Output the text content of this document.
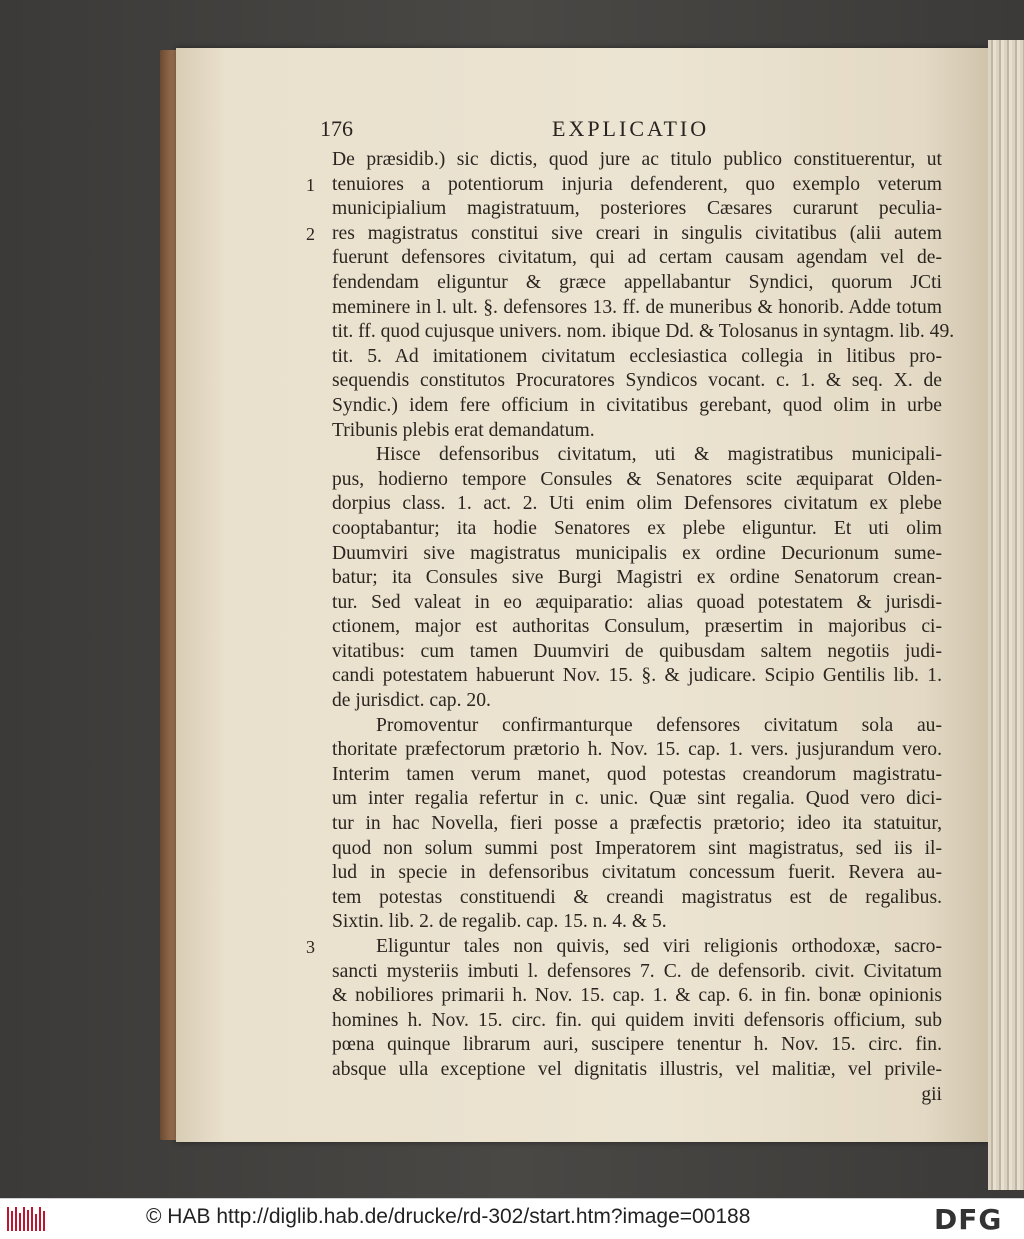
176	EXPLICATIO
1
2
3
De præsidib.) sic dictis, quod jure ac titulo publico constituerentur, ut
tenuiores a potentiorum injuria defenderent, quo exemplo veterum
municipialium magistratuum, posteriores Cæsares curarunt peculia-
res magistratus constitui sive creari in singulis civitatibus (alii autem
fuerunt defensores civitatum, qui ad certam causam agendam vel de-
fendendam eliguntur & græce appellabantur Syndici, quorum JCti
meminere in l. ult. §. defensores 13. ff. de muneribus & honorib. Adde totum
tit. ff. quod cujusque univers. nom. ibique Dd. & Tolosanus in syntagm. lib. 49.
tit. 5. Ad imitationem civitatum ecclesiastica collegia in litibus pro-
sequendis constitutos Procuratores Syndicos vocant. c. 1. & seq. X. de
Syndic.) idem fere officium in civitatibus gerebant, quod olim in urbe
Tribunis plebis erat demandatum.
Hisce defensoribus civitatum, uti & magistratibus municipali-
pus, hodierno tempore Consules & Senatores scite æquiparat Olden-
dorpius class. 1. act. 2. Uti enim olim Defensores civitatum ex plebe
cooptabantur; ita hodie Senatores ex plebe eliguntur. Et uti olim
Duumviri sive magistratus municipalis ex ordine Decurionum sume-
batur; ita Consules sive Burgi Magistri ex ordine Senatorum crean-
tur. Sed valeat in eo æquiparatio: alias quoad potestatem & jurisdi-
ctionem, major est authoritas Consulum, præsertim in majoribus ci-
vitatibus: cum tamen Duumviri de quibusdam saltem negotiis judi-
candi potestatem habuerunt Nov. 15. §. & judicare. Scipio Gentilis lib. 1.
de jurisdict. cap. 20.
Promoventur confirmanturque defensores civitatum sola au-
thoritate præfectorum prætorio h. Nov. 15. cap. 1. vers. jusjurandum vero.
Interim tamen verum manet, quod potestas creandorum magistratu-
um inter regalia refertur in c. unic. Quæ sint regalia. Quod vero dici-
tur in hac Novella, fieri posse a præfectis prætorio; ideo ita statuitur,
quod non solum summi post Imperatorem sint magistratus, sed iis il-
lud in specie in defensoribus civitatum concessum fuerit. Revera au-
tem potestas constituendi & creandi magistratus est de regalibus.
Sixtin. lib. 2. de regalib. cap. 15. n. 4. & 5.
Eliguntur tales non quivis, sed viri religionis orthodoxæ, sacro-
sancti mysteriis imbuti l. defensores 7. C. de defensorib. civit. Civitatum
& nobiliores primarii h. Nov. 15. cap. 1. & cap. 6. in fin. bonæ opinionis
homines h. Nov. 15. circ. fin. qui quidem inviti defensoris officium, sub
pœna quinque librarum auri, suscipere tenentur h. Nov. 15. circ. fin.
absque ulla exceptione vel dignitatis illustris, vel malitiæ, vel privile-
gii
© HAB http://diglib.hab.de/drucke/rd-302/start.htm?image=00188	DFG
